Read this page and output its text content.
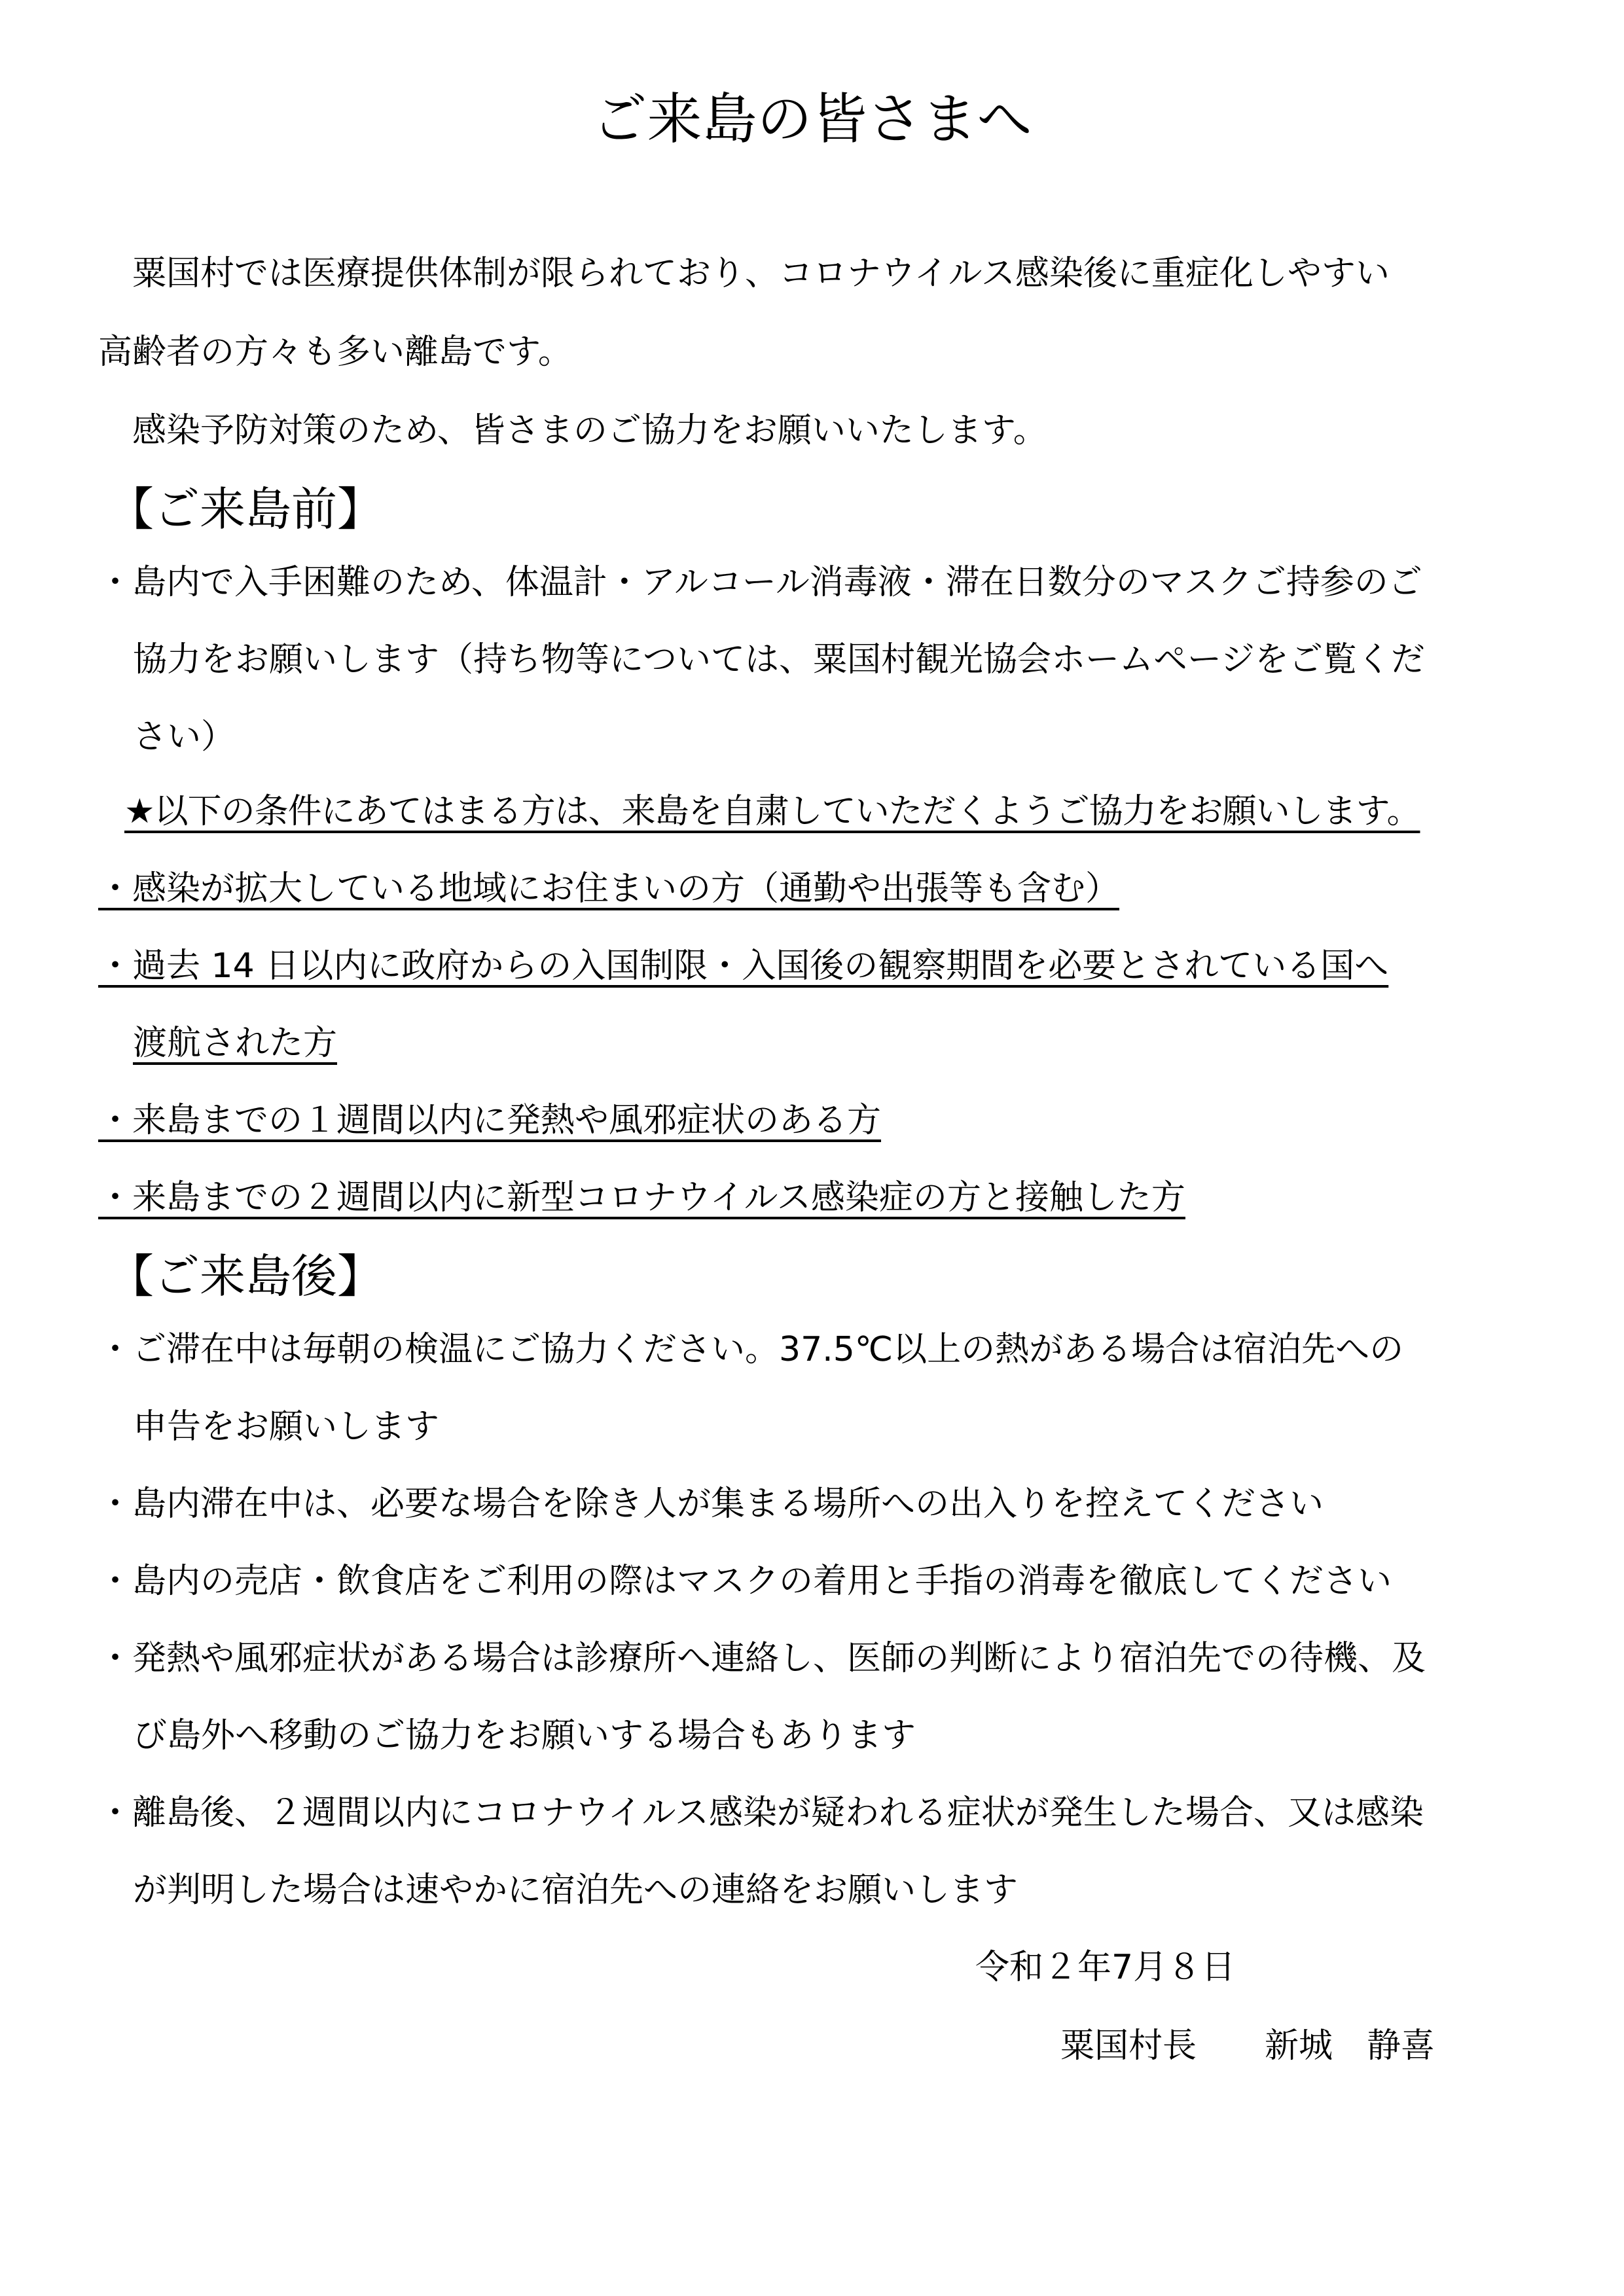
ご来島の皆さまへ
　粟国村では医療提供体制が限られており、コロナウイルス感染後に重症化しやすい
高齢者の方々も多い離島です。
　感染予防対策のため、皆さまのご協力をお願いいたします。
【ご来島前】
・島内で入手困難のため、体温計・アルコール消毒液・滞在日数分のマスクご持参のご
協力をお願いします（持ち物等については、粟国村観光協会ホームページをご覧くだ
さい）
★以下の条件にあてはまる方は、来島を自粛していただくようご協力をお願いします。
・感染が拡大している地域にお住まいの方（通勤や出張等も含む）
・過去 14 日以内に政府からの入国制限・入国後の観察期間を必要とされている国へ
渡航された方
・来島までの１週間以内に発熱や風邪症状のある方
・来島までの２週間以内に新型コロナウイルス感染症の方と接触した方
【ご来島後】
・ご滞在中は毎朝の検温にご協力ください。37.5℃以上の熱がある場合は宿泊先への
申告をお願いします
・島内滞在中は、必要な場合を除き人が集まる場所への出入りを控えてください
・島内の売店・飲食店をご利用の際はマスクの着用と手指の消毒を徹底してください
・発熱や風邪症状がある場合は診療所へ連絡し、医師の判断により宿泊先での待機、及
び島外へ移動のご協力をお願いする場合もあります
・離島後、２週間以内にコロナウイルス感染が疑われる症状が発生した場合、又は感染
が判明した場合は速やかに宿泊先への連絡をお願いします
令和２年7月８日
粟国村長　　新城　静喜
